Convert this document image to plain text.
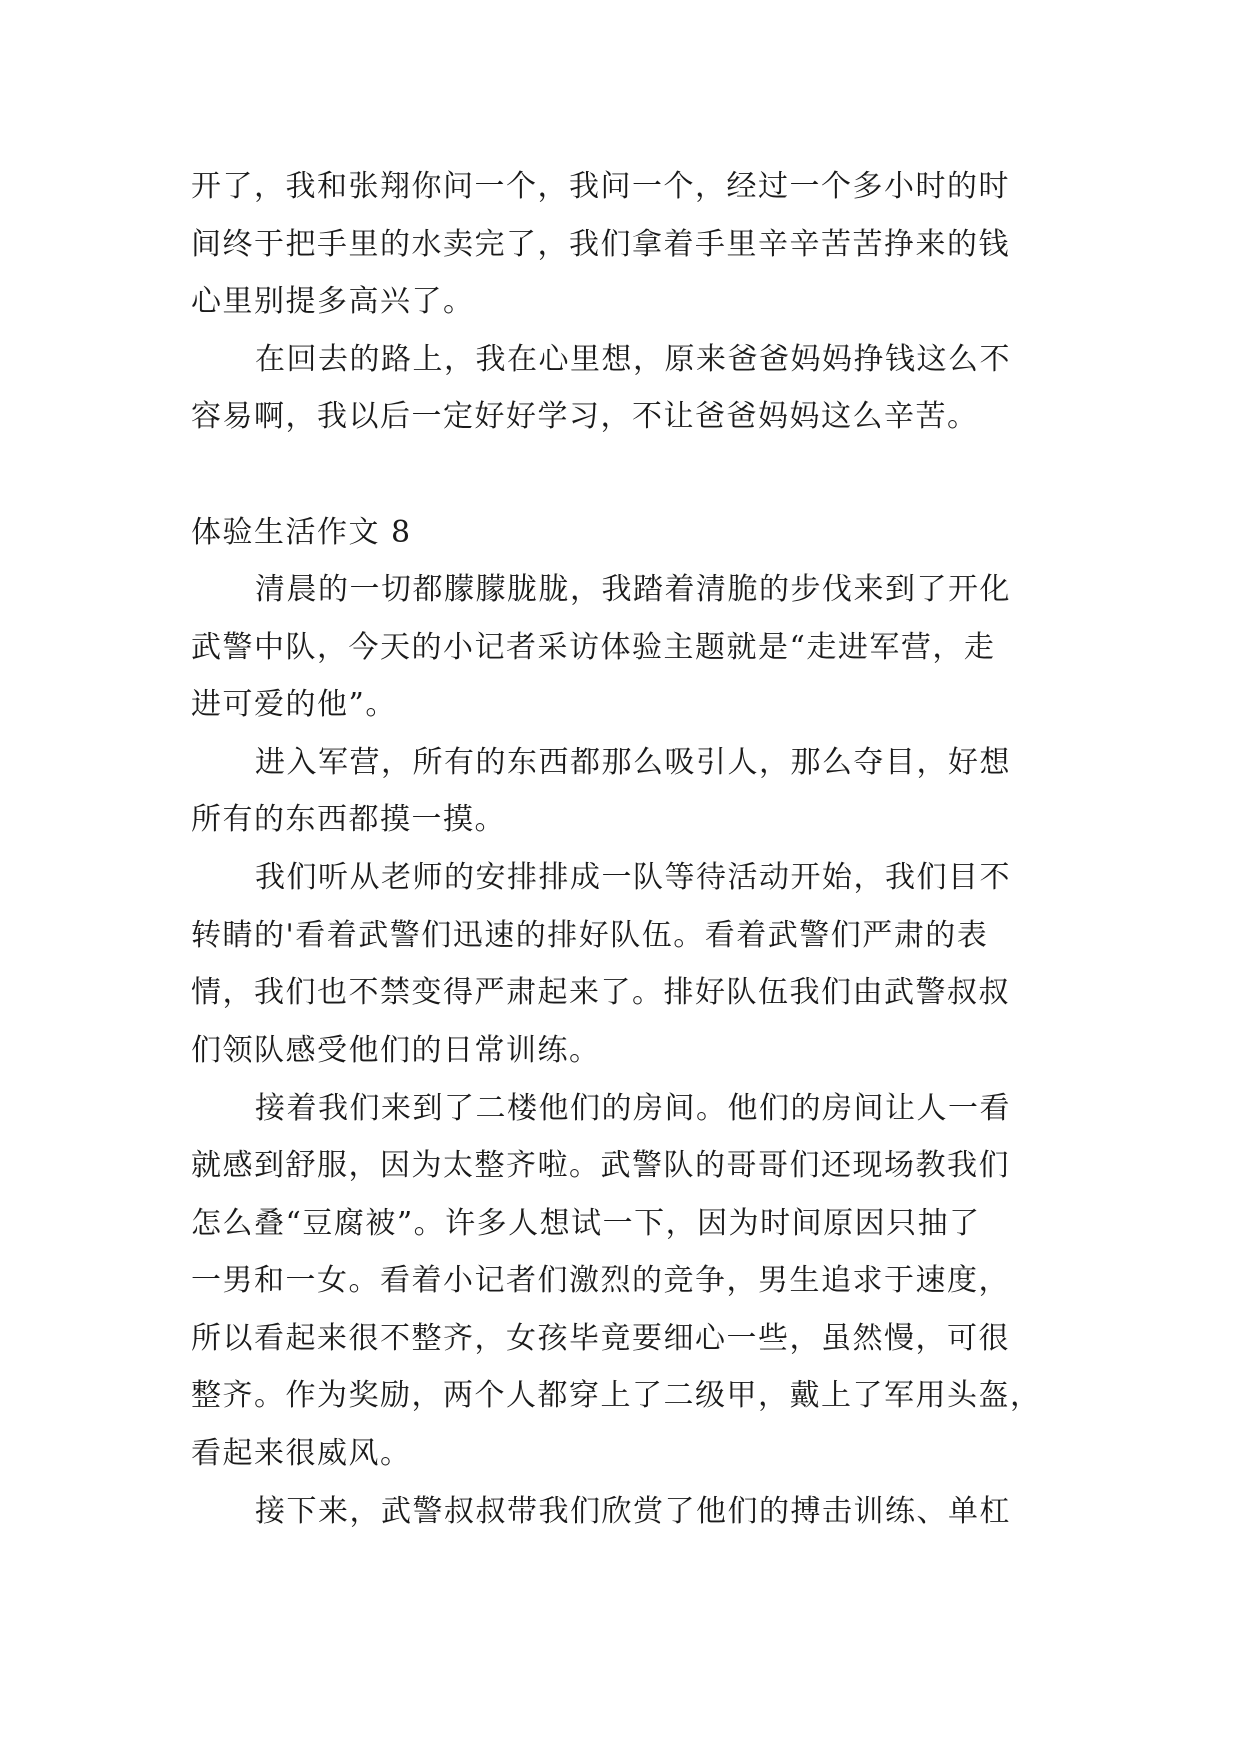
开了，我和张翔你问一个，我问一个，经过一个多小时的时
间终于把手里的水卖完了，我们拿着手里辛辛苦苦挣来的钱
心里别提多高兴了。
在回去的路上，我在心里想，原来爸爸妈妈挣钱这么不
容易啊，我以后一定好好学习，不让爸爸妈妈这么辛苦。
体验生活作文 8
清晨的一切都朦朦胧胧，我踏着清脆的步伐来到了开化
武警中队，今天的小记者采访体验主题就是“走进军营，走
进可爱的他”。
进入军营，所有的东西都那么吸引人，那么夺目，好想
所有的东西都摸一摸。
我们听从老师的安排排成一队等待活动开始，我们目不
转睛的'看着武警们迅速的排好队伍。看着武警们严肃的表
情，我们也不禁变得严肃起来了。排好队伍我们由武警叔叔
们领队感受他们的日常训练。
接着我们来到了二楼他们的房间。他们的房间让人一看
就感到舒服，因为太整齐啦。武警队的哥哥们还现场教我们
怎么叠“豆腐被”。许多人想试一下，因为时间原因只抽了
一男和一女。看着小记者们激烈的竞争，男生追求于速度，
所以看起来很不整齐，女孩毕竟要细心一些，虽然慢，可很
整齐。作为奖励，两个人都穿上了二级甲，戴上了军用头盔，
看起来很威风。
接下来，武警叔叔带我们欣赏了他们的搏击训练、单杠
